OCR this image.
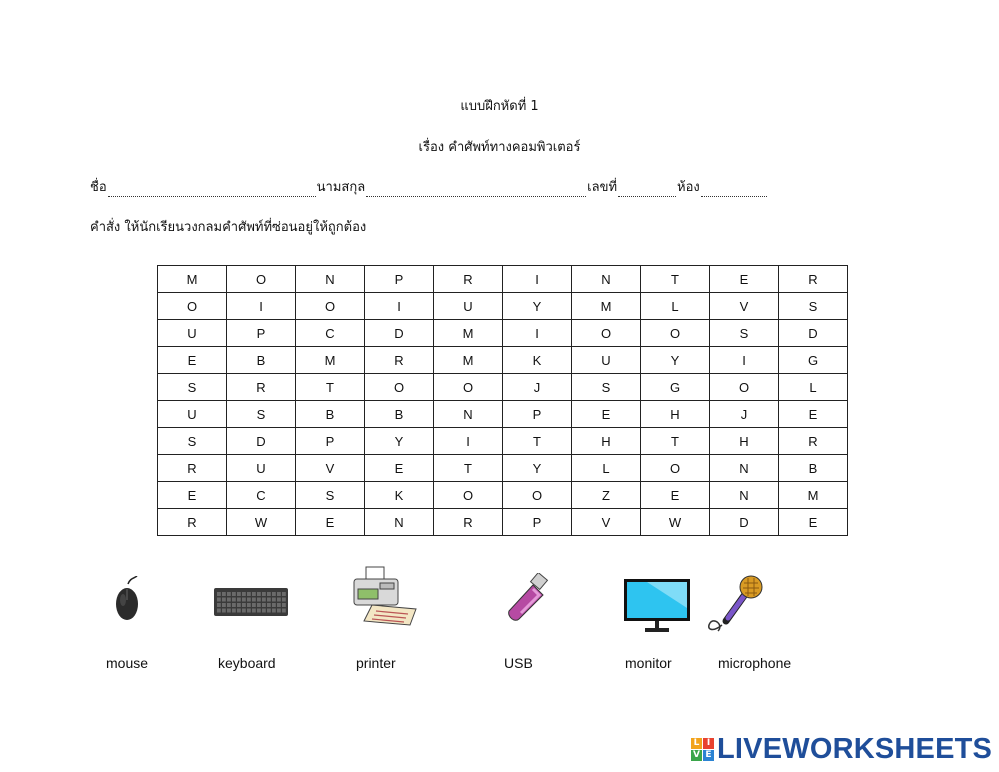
แบบฝึกหัดที่ 1
เรื่อง คำศัพท์ทางคอมพิวเตอร์
ชื่อ	นามสกุล	เลขที่	ห้อง
คำสั่ง ให้นักเรียนวงกลมคำศัพท์ที่ซ่อนอยู่ให้ถูกต้อง
M	O	N	P	R	I	N	T	E	R
O	I	O	I	U	Y	M	L	V	S
U	P	C	D	M	I	O	O	S	D
E	B	M	R	M	K	U	Y	I	G
S	R	T	O	O	J	S	G	O	L
U	S	B	B	N	P	E	H	J	E
S	D	P	Y	I	T	H	T	H	R
R	U	V	E	T	Y	L	O	N	B
E	C	S	K	O	O	Z	E	N	M
R	W	E	N	R	P	V	W	D	E
mouse	keyboard	printer	USB	monitor	microphone
L I
V E LIVEWORKSHEETS
